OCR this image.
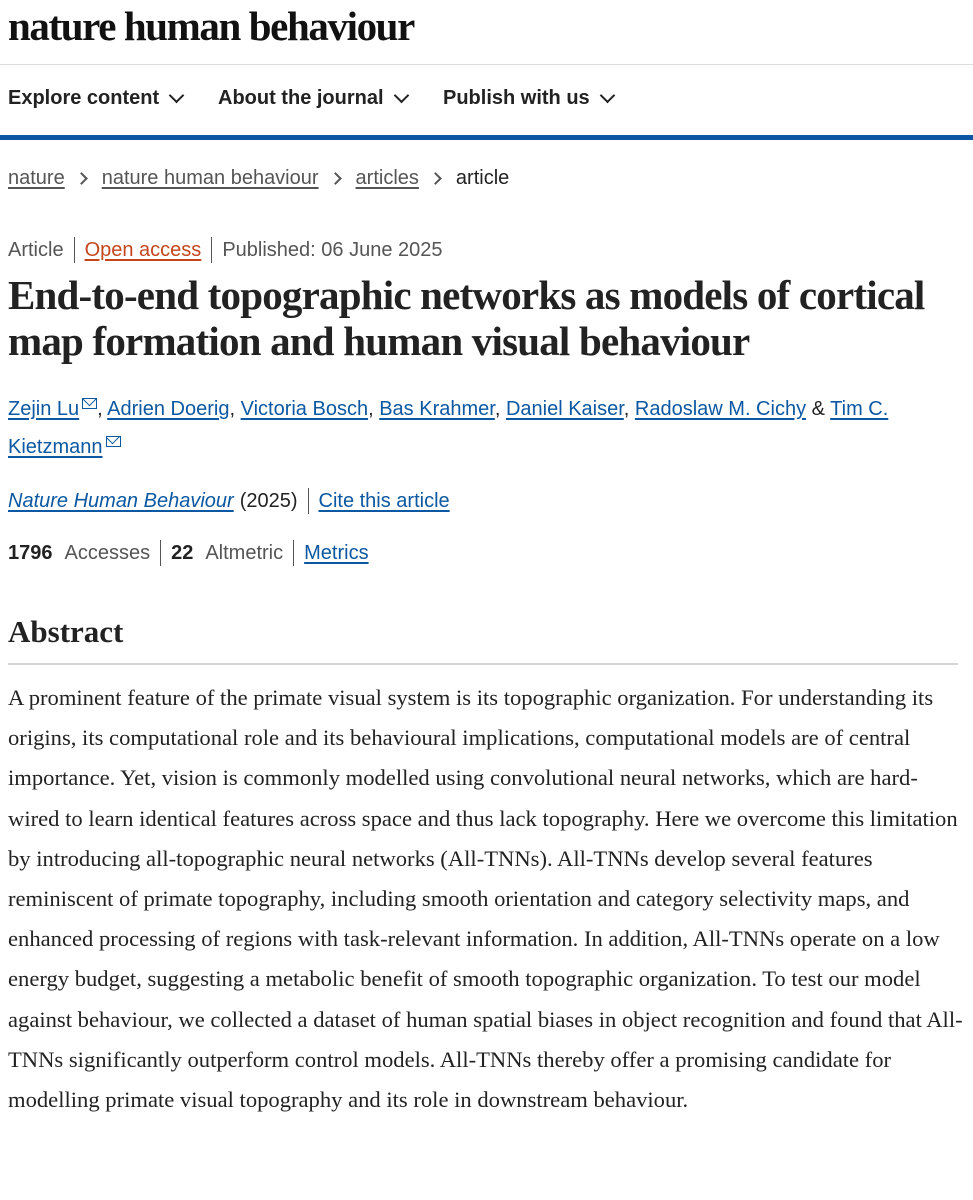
nature human behaviour
Explore content	About the journal	Publish with us
nature nature human behaviour articles article
Article Open access Published: 06 June 2025
End-to-end topographic networks as models of cortical map formation and human visual behaviour
Zejin Lu , Adrien Doerig, Victoria Bosch, Bas Krahmer, Daniel Kaiser, Radoslaw M. Cichy & Tim C. Kietzmann
Nature Human Behaviour (2025) Cite this article
1796 Accesses 22 Altmetric Metrics
Abstract

A prominent feature of the primate visual system is its topographic organization. For understanding its origins, its computational role and its behavioural implications, computational models are of central importance. Yet, vision is commonly modelled using convolutional neural networks, which are hard-wired to learn identical features across space and thus lack topography. Here we overcome this limitation by introducing all-topographic neural networks (All-TNNs). All-TNNs develop several features reminiscent of primate topography, including smooth orientation and category selectivity maps, and enhanced processing of regions with task-relevant information. In addition, All-TNNs operate on a low energy budget, suggesting a metabolic benefit of smooth topographic organization. To test our model against behaviour, we collected a dataset of human spatial biases in object recognition and found that All-TNNs significantly outperform control models. All-TNNs thereby offer a promising candidate for modelling primate visual topography and its role in downstream behaviour.
